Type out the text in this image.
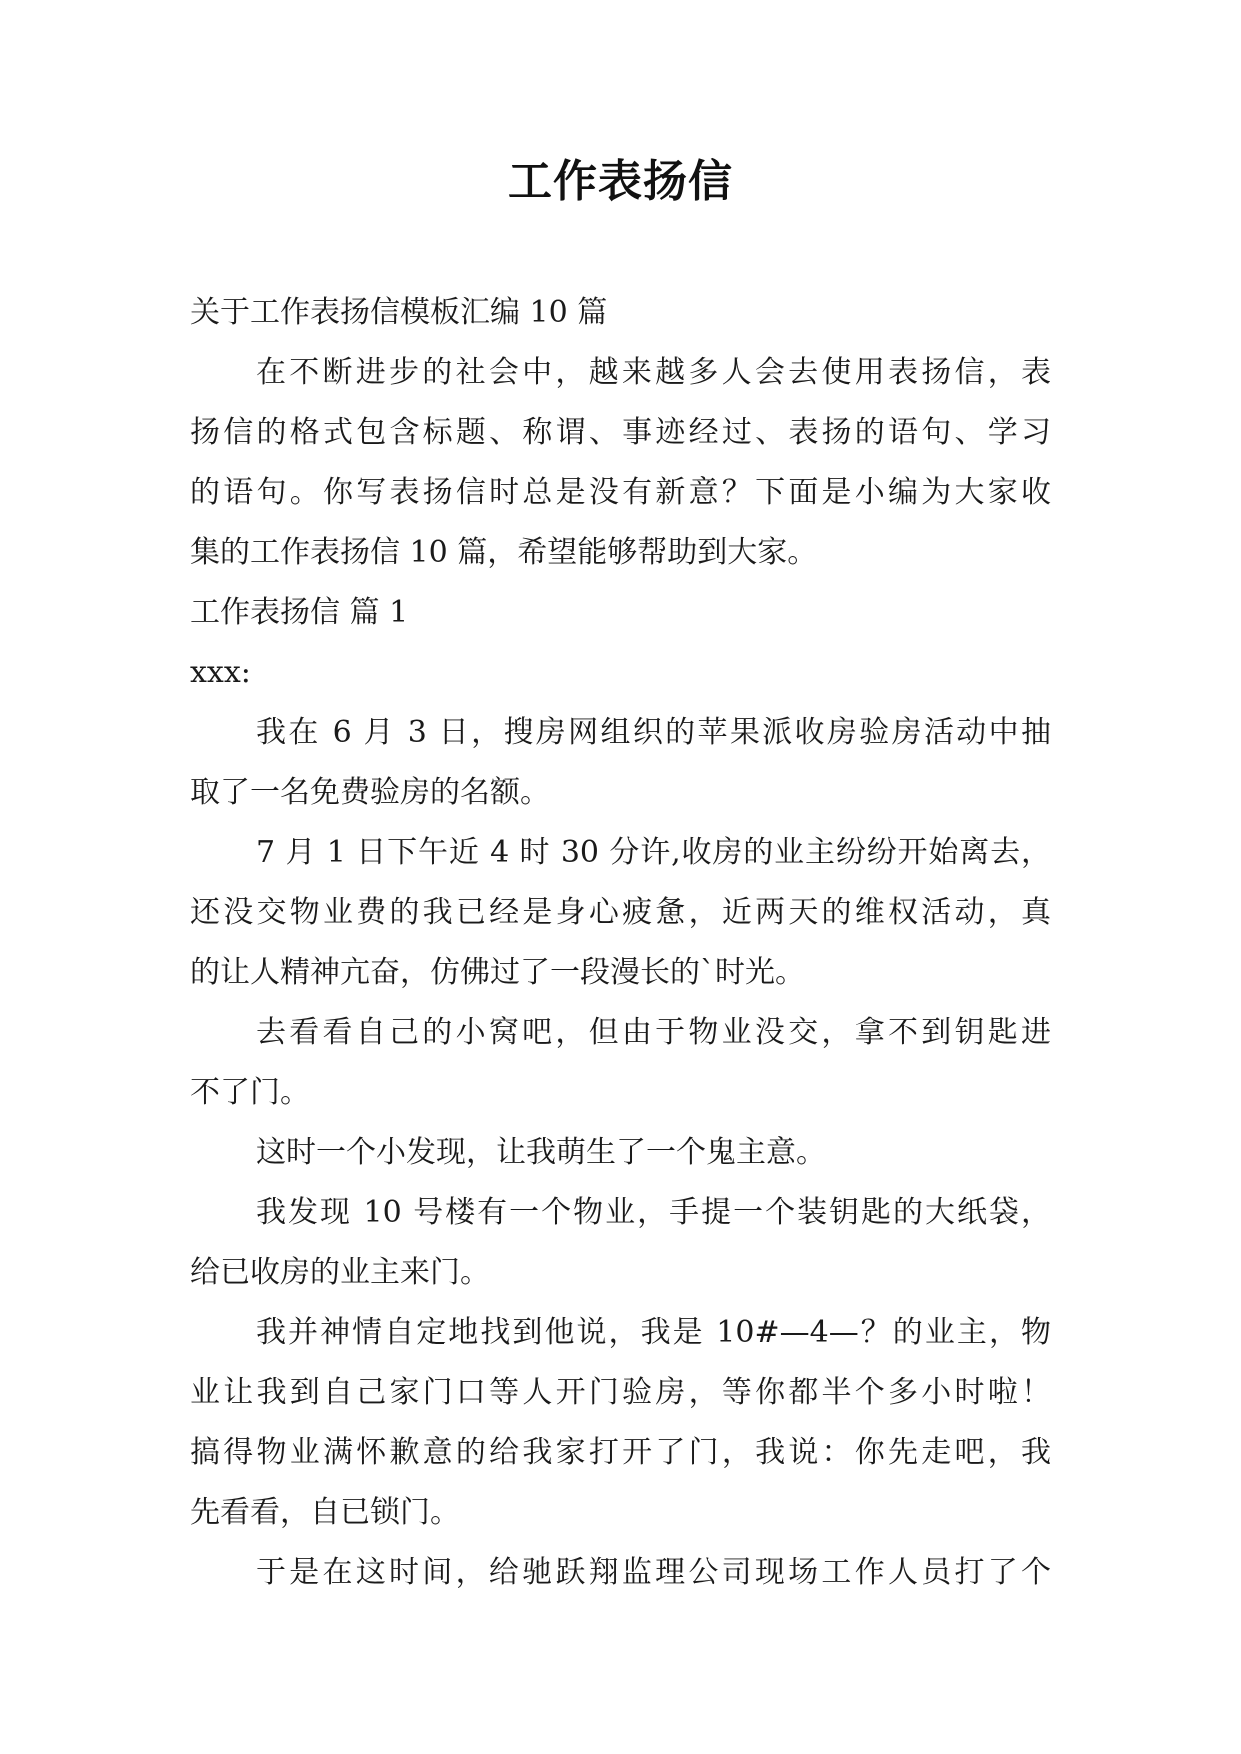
工作表扬信
关于工作表扬信模板汇编 10 篇
在不断进步的社会中，越来越多人会去使用表扬信，表
扬信的格式包含标题、称谓、事迹经过、表扬的语句、学习
的语句。你写表扬信时总是没有新意？下面是小编为大家收
集的工作表扬信 10 篇，希望能够帮助到大家。
工作表扬信 篇 1
xxx:
我在 6 月 3 日，搜房网组织的苹果派收房验房活动中抽
取了一名免费验房的名额。
7 月 1 日下午近 4 时 30 分许,收房的业主纷纷开始离去，
还没交物业费的我已经是身心疲惫，近两天的维权活动，真
的让人精神亢奋，仿佛过了一段漫长的`时光。
去看看自己的小窝吧，但由于物业没交，拿不到钥匙进
不了门。
这时一个小发现，让我萌生了一个鬼主意。
我发现 10 号楼有一个物业，手提一个装钥匙的大纸袋，
给已收房的业主来门。
我并神情自定地找到他说，我是 10#—4—？的业主，物
业让我到自己家门口等人开门验房，等你都半个多小时啦！
搞得物业满怀歉意的给我家打开了门，我说：你先走吧，我
先看看，自已锁门。
于是在这时间，给驰跃翔监理公司现场工作人员打了个
